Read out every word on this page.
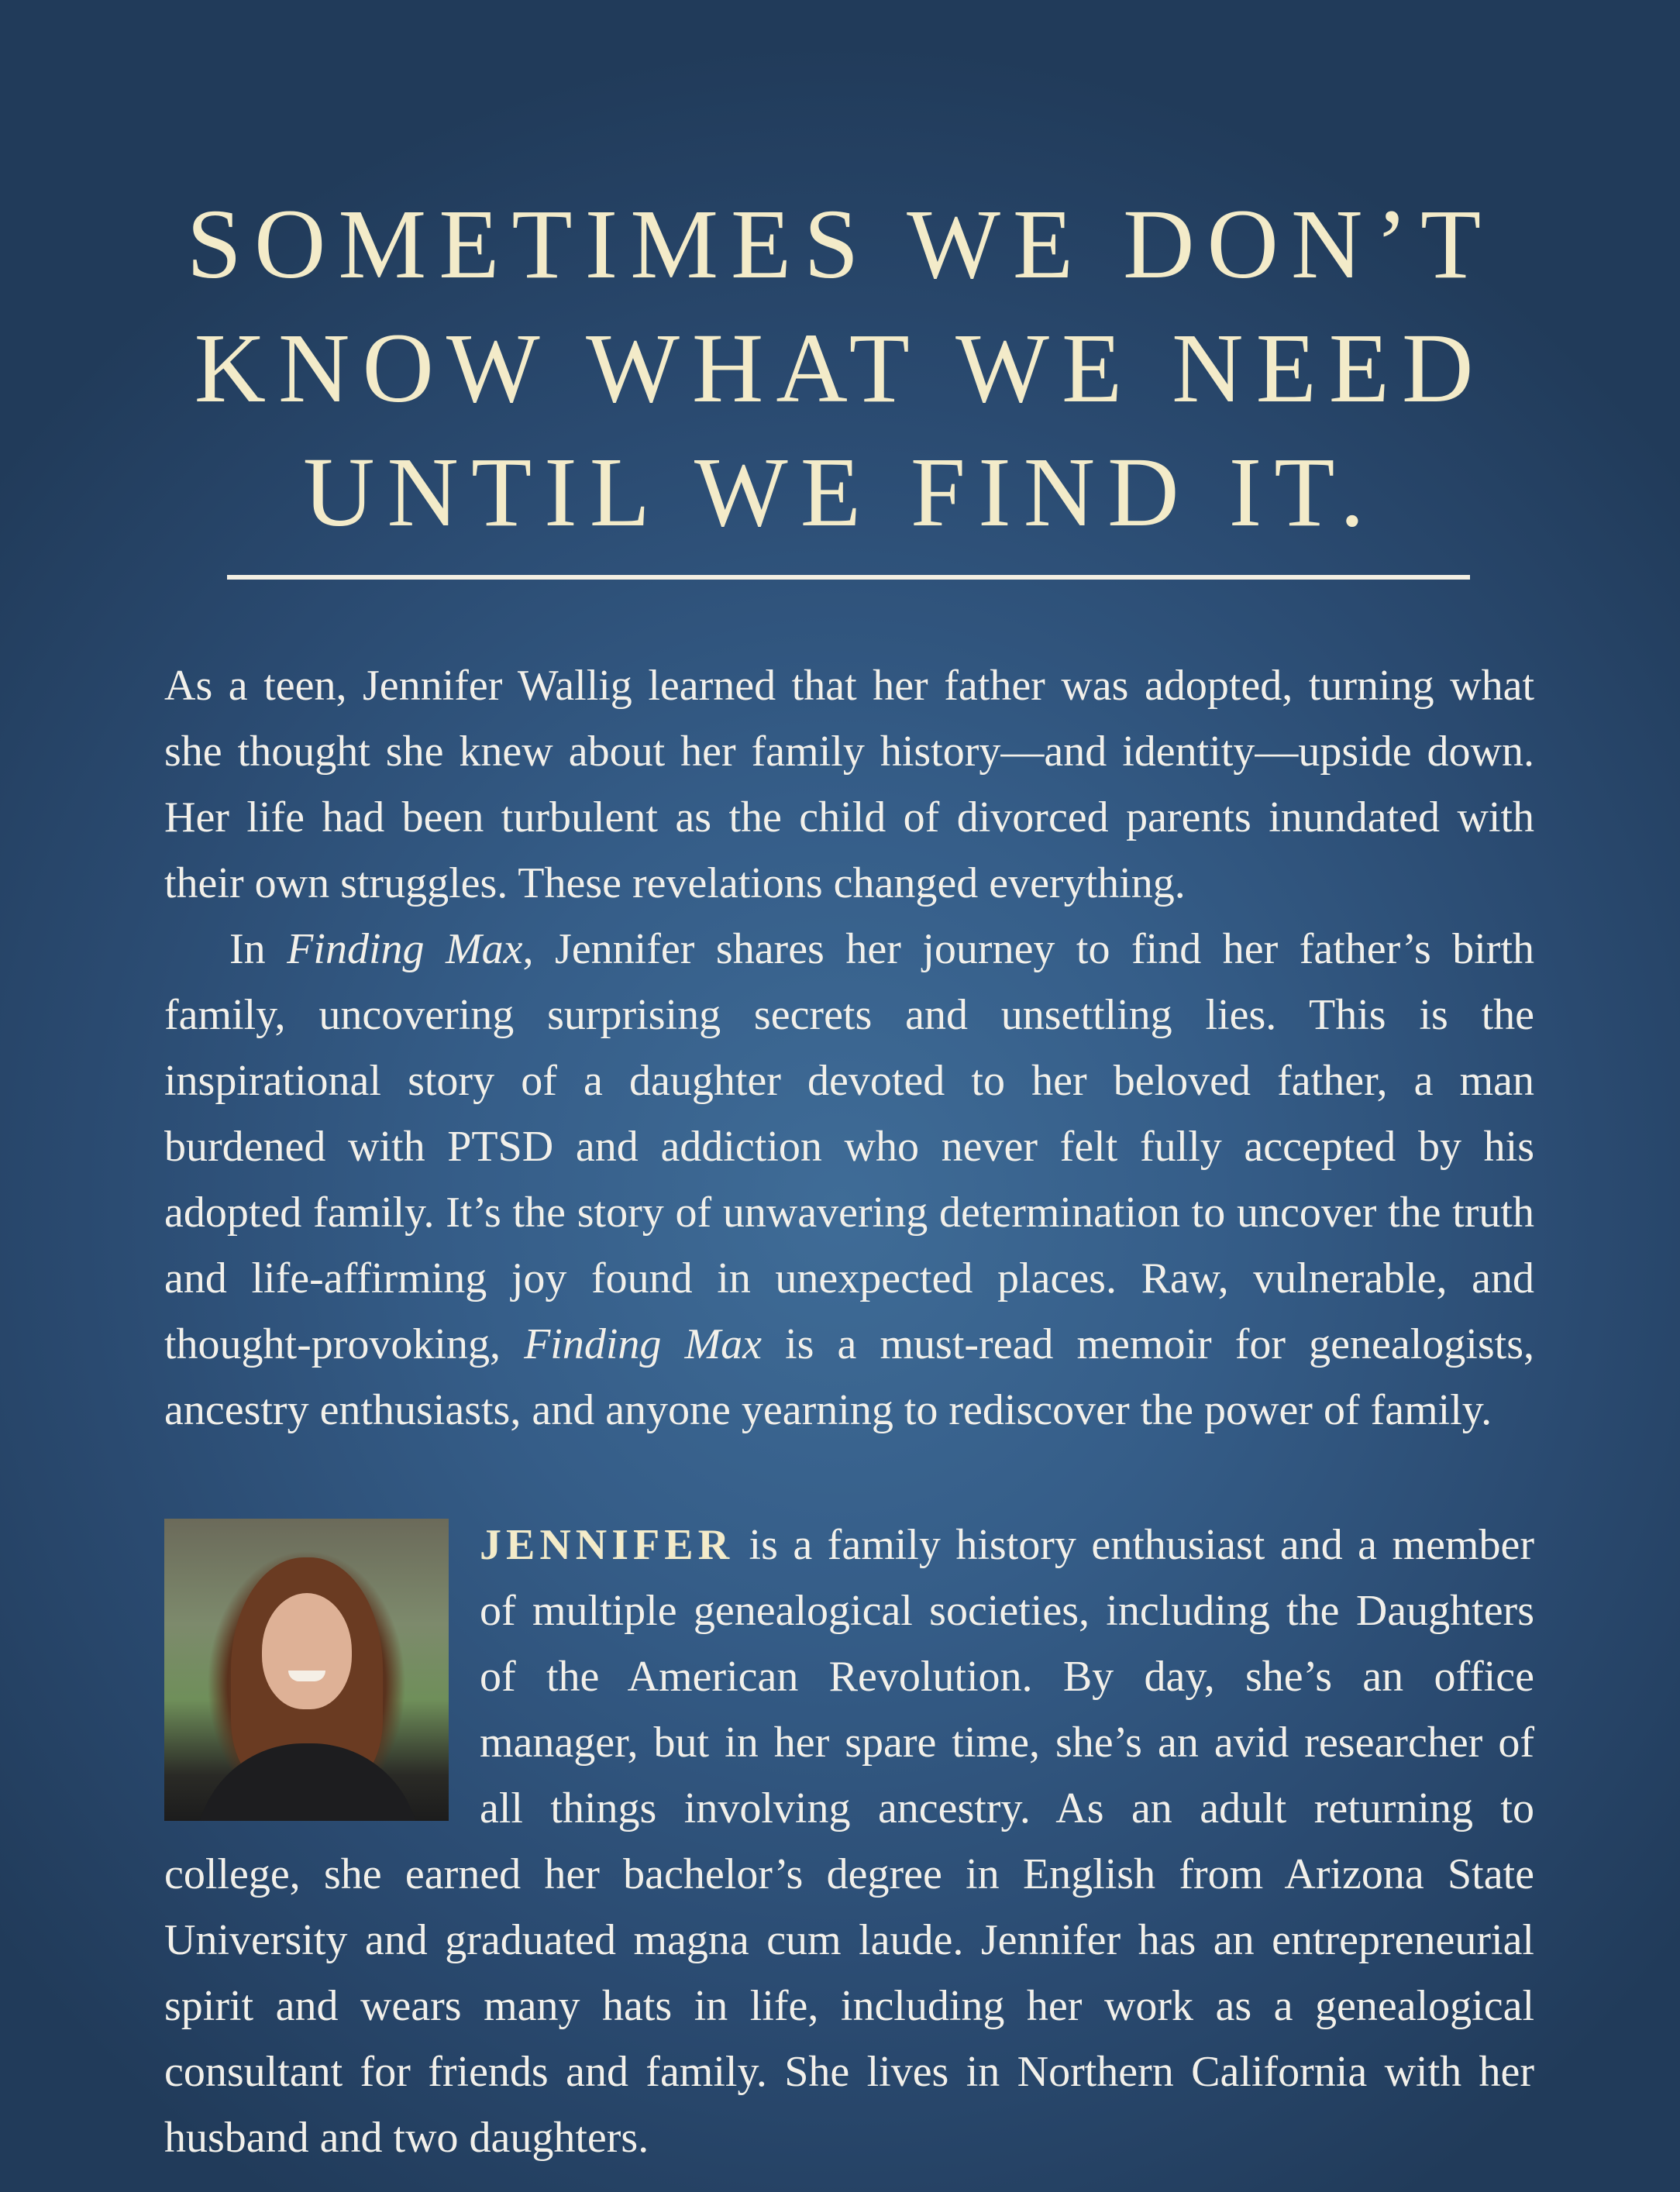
SOMETIMES WE DON’T
KNOW WHAT WE NEED
UNTIL WE FIND IT.

As a teen, Jennifer Wallig learned that her father was adopted, turning what she thought she knew about her family history—and identity—upside down. Her life had been turbulent as the child of divorced parents inundated with their own struggles. These revelations changed everything.

In Finding Max, Jennifer shares her journey to find her father’s birth family, uncovering surprising secrets and unsettling lies. This is the inspirational story of a daughter devoted to her beloved father, a man burdened with PTSD and addiction who never felt fully accepted by his adopted family. It’s the story of unwavering determination to uncover the truth and life-affirming joy found in unexpected places. Raw, vulnerable, and thought-provoking, Finding Max is a must-read memoir for genealogists, ancestry enthusiasts, and anyone yearning to rediscover the power of family.

JENNIFER is a family history enthusiast and a member of multiple genealogical societies, including the Daughters of the American Revolution. By day, she’s an office manager, but in her spare time, she’s an avid researcher of all things involving ancestry. As an adult returning to college, she earned her bachelor’s degree in English from Arizona State University and graduated magna cum laude. Jennifer has an entrepreneurial spirit and wears many hats in life, including her work as a genealogical consultant for friends and family. She lives in Northern California with her husband and two daughters.
